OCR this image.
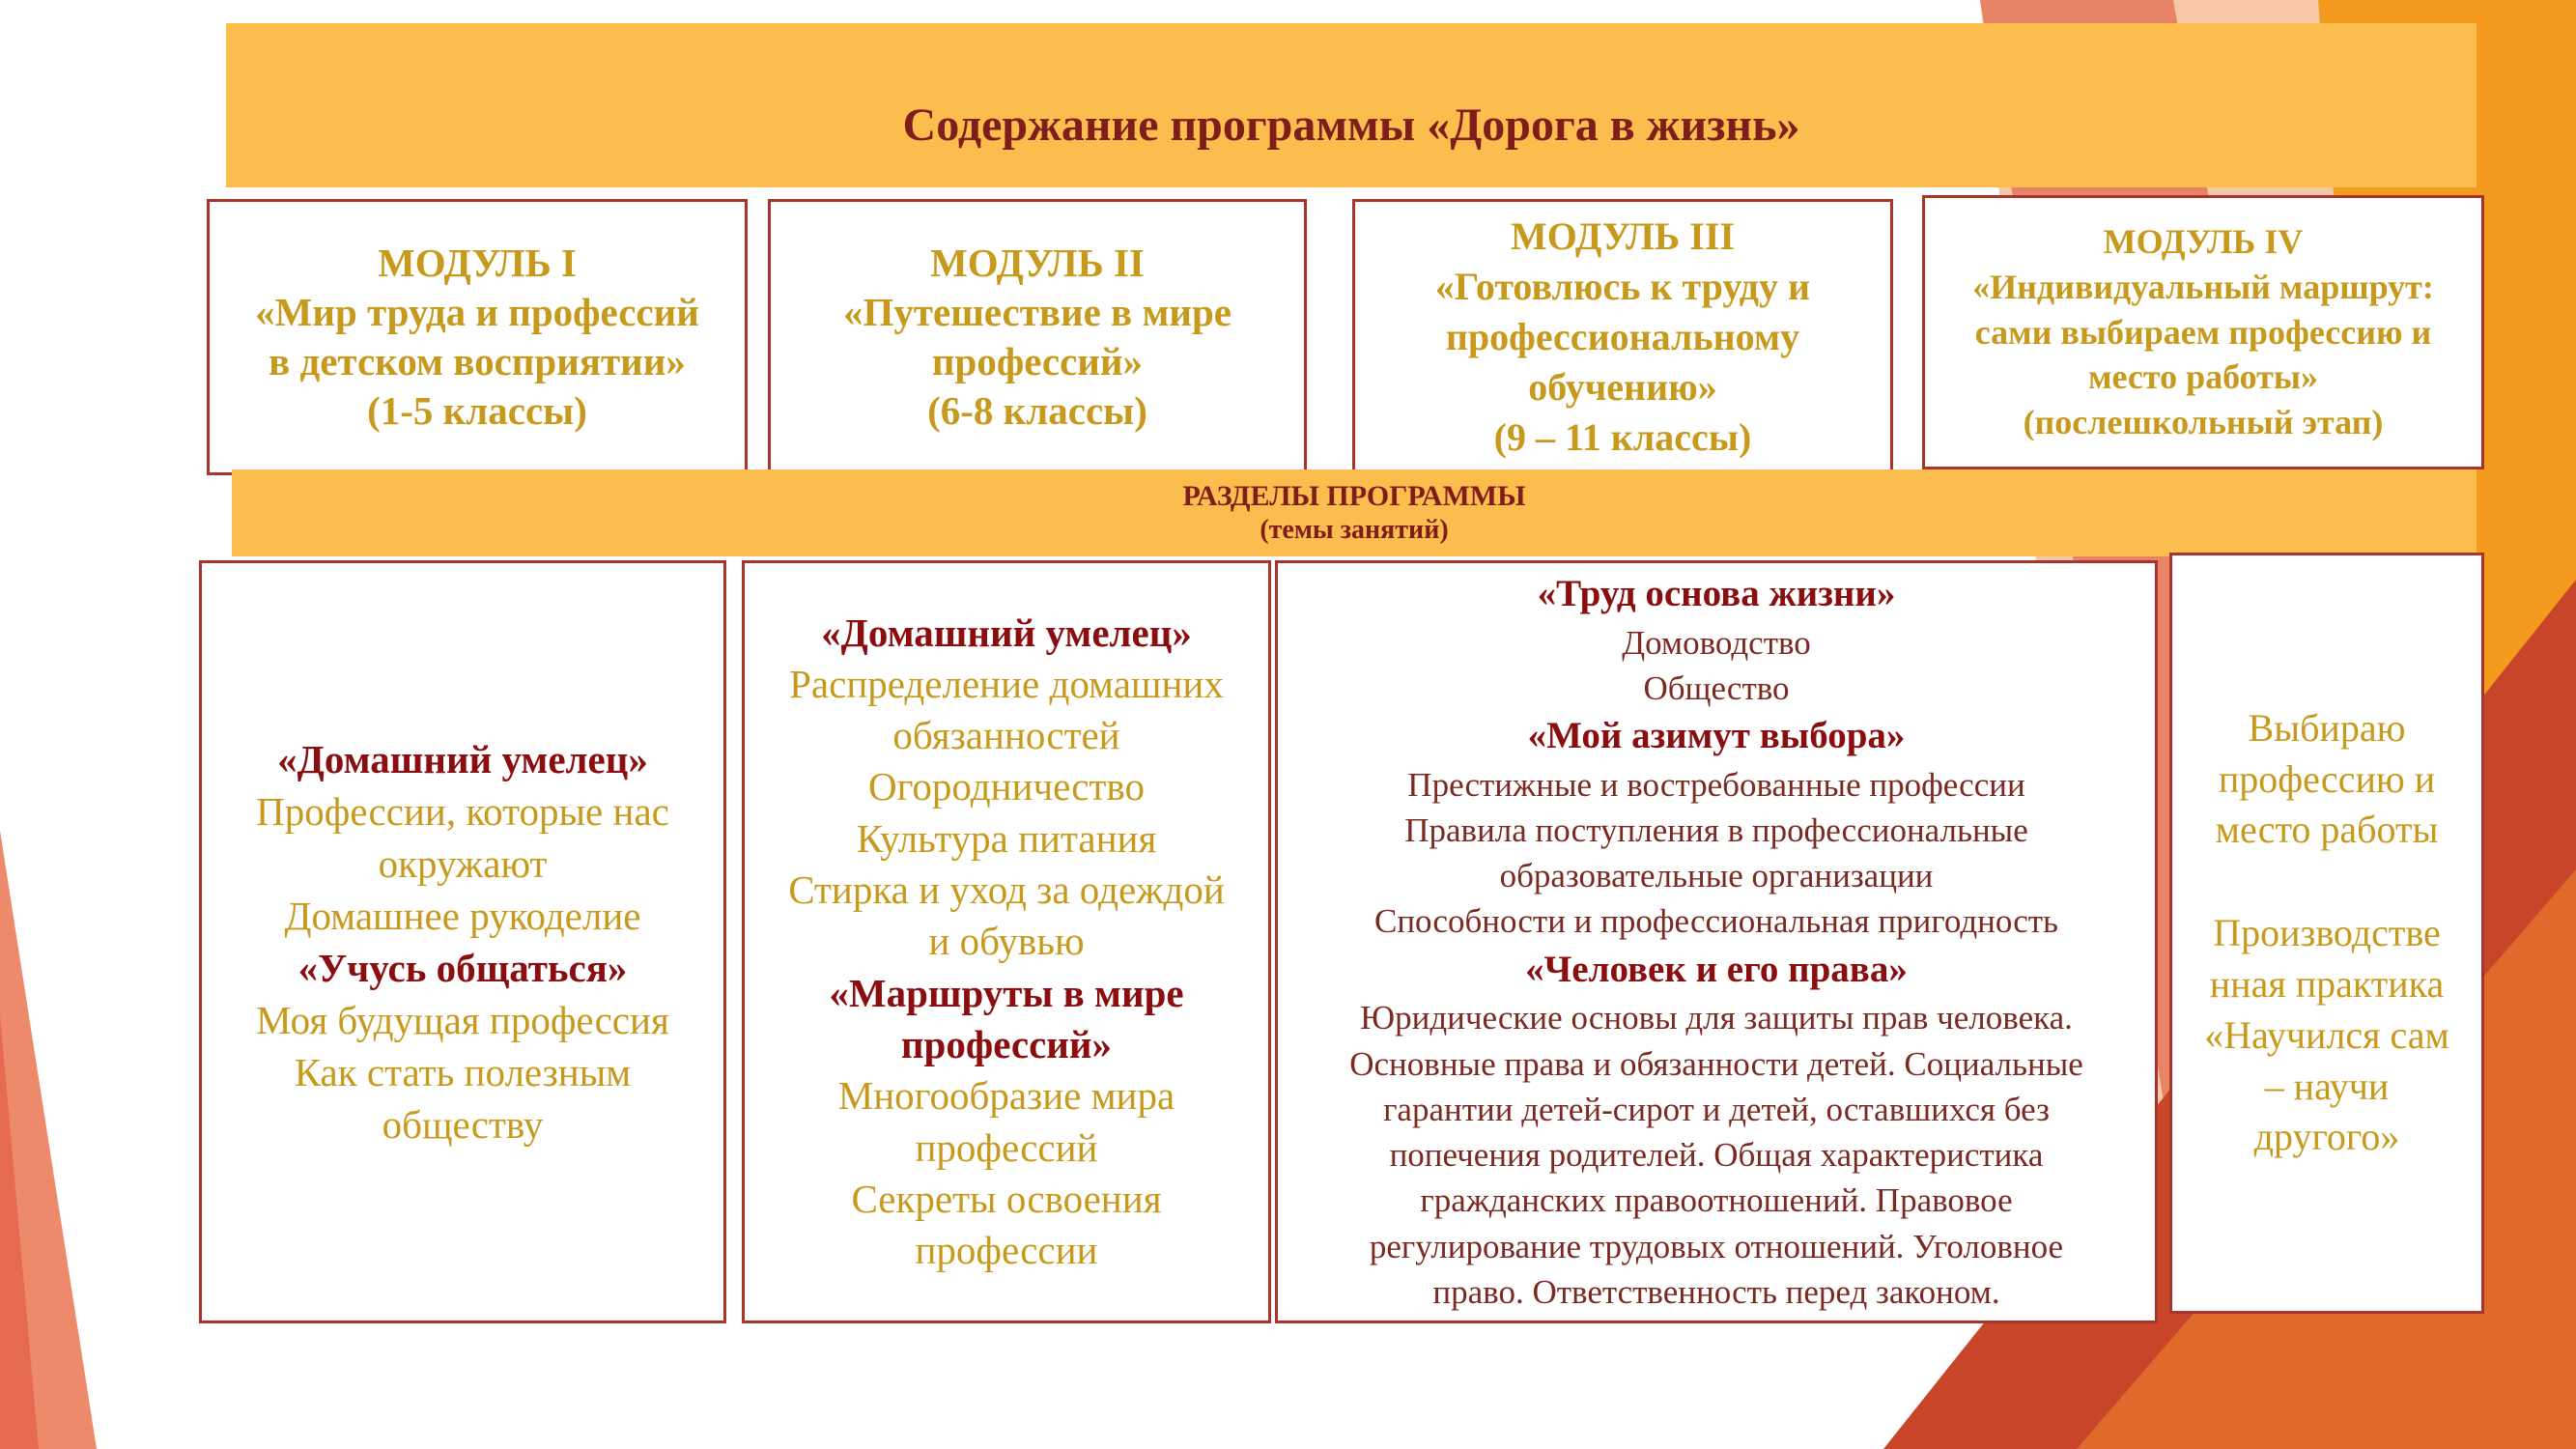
Содержание программы «Дорога в жизнь»
МОДУЛЬ I
«Мир труда и профессий
в детском восприятии»
(1-5 классы)
МОДУЛЬ II
«Путешествие в мире
профессий»
(6-8 классы)
МОДУЛЬ III
«Готовлюсь к труду и
профессиональному
обучению»
(9 – 11 классы)
МОДУЛЬ IV
«Индивидуальный маршрут:
сами выбираем профессию и
место работы»
(послешкольный этап)
РАЗДЕЛЫ ПРОГРАММЫ
(темы занятий)
«Домашний умелец»
Профессии, которые нас
окружают
Домашнее рукоделие
«Учусь общаться»
Моя будущая профессия
Как стать полезным
обществу
«Домашний умелец»
Распределение домашних
обязанностей
Огородничество
Культура питания
Стирка и уход за одеждой
и обувью
«Маршруты в мире
профессий»
Многообразие мира
профессий
Секреты освоения
профессии
«Труд основа жизни»
Домоводство
Общество
«Мой азимут выбора»
Престижные и востребованные профессии
Правила поступления в профессиональные
образовательные организации
Способности и профессиональная пригодность
«Человек и его права»
Юридические основы для защиты прав человека.
Основные права и обязанности детей. Социальные
гарантии детей-сирот и детей, оставшихся без
попечения родителей. Общая характеристика
гражданских правоотношений. Правовое
регулирование трудовых отношений. Уголовное
право. Ответственность перед законом.
Выбираю
профессию и
место работы
Производстве
нная практика
«Научился сам
– научи
другого»
